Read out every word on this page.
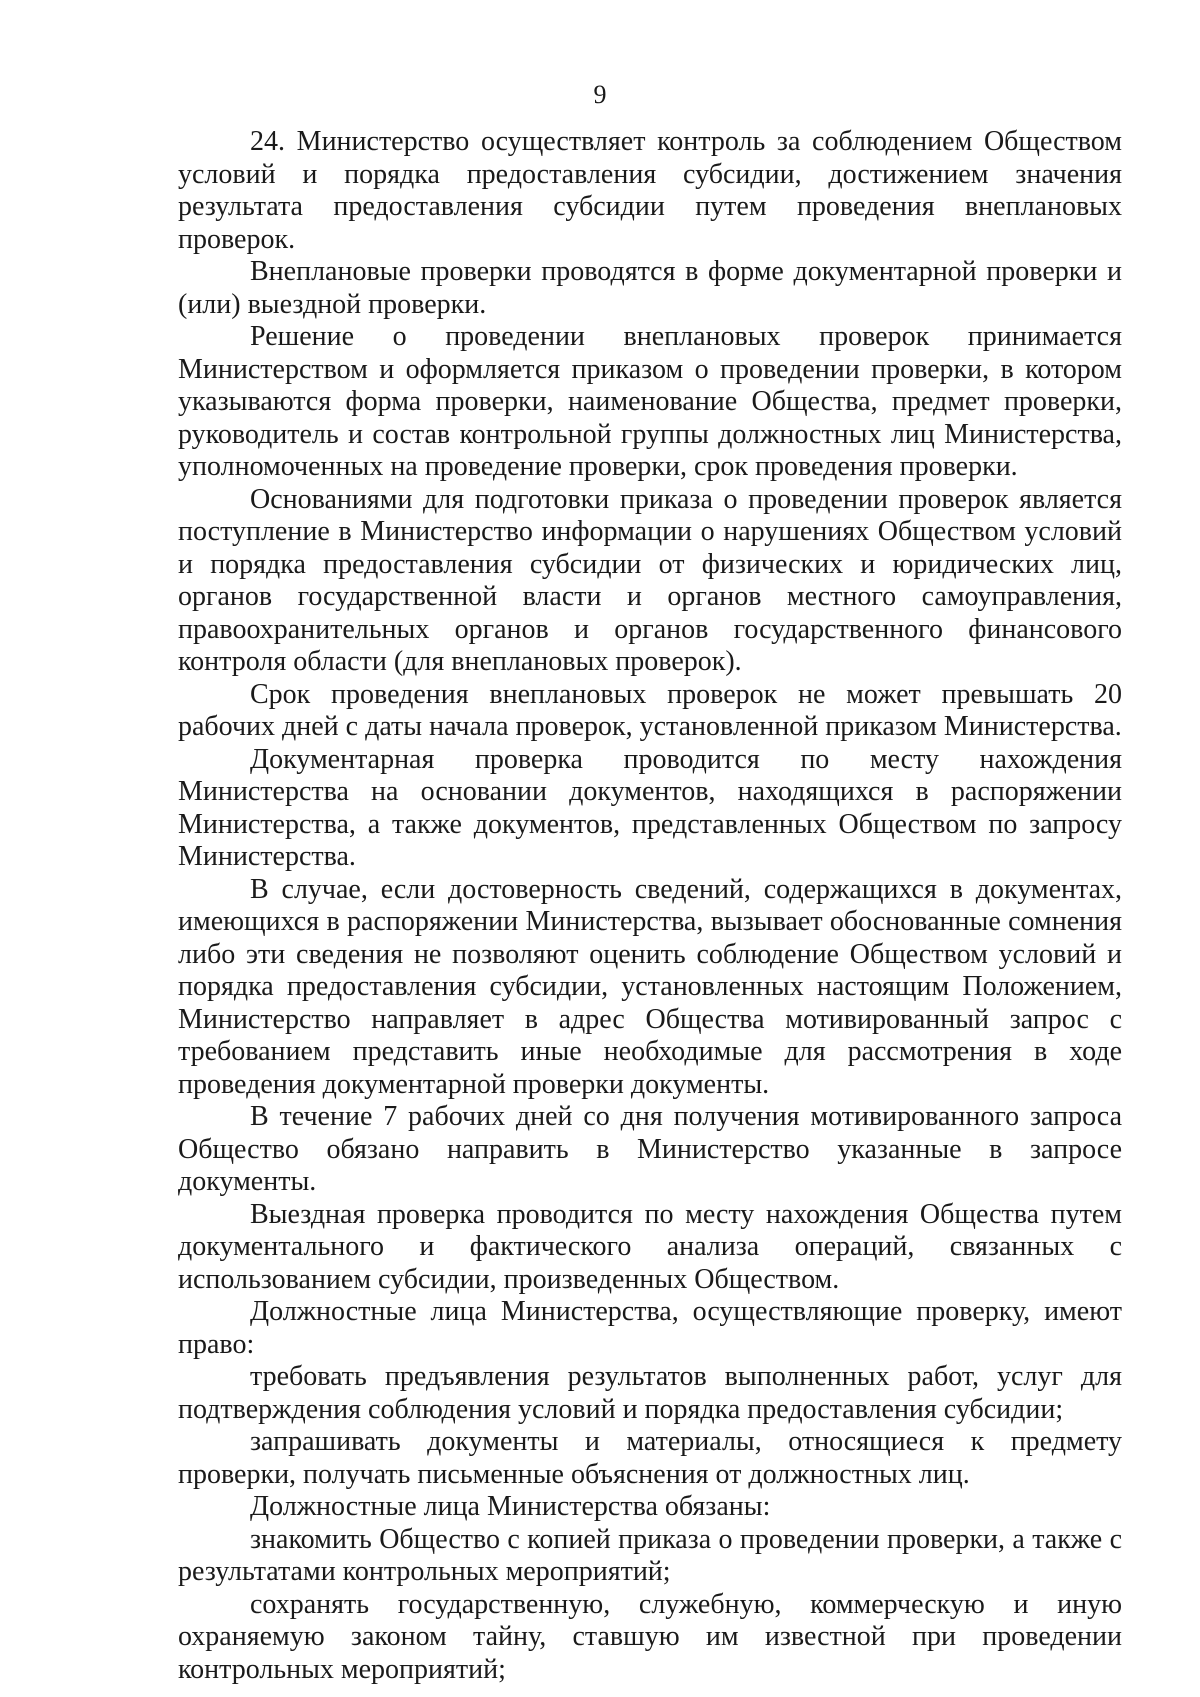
9

24. Министерство осуществляет контроль за соблюдением Обществом условий и порядка предоставления субсидии, достижением значения результата предоставления субсидии путем проведения внеплановых проверок.

Внеплановые проверки проводятся в форме документарной проверки и (или) выездной проверки.

Решение о проведении внеплановых проверок принимается Министерством и оформляется приказом о проведении проверки, в котором указываются форма проверки, наименование Общества, предмет проверки, руководитель и состав контрольной группы должностных лиц Министерства, уполномоченных на проведение проверки, срок проведения проверки.

Основаниями для подготовки приказа о проведении проверок является поступление в Министерство информации о нарушениях Обществом условий и порядка предоставления субсидии от физических и юридических лиц, органов государственной власти и органов местного самоуправления, правоохранительных органов и органов государственного финансового контроля области (для внеплановых проверок).

Срок проведения внеплановых проверок не может превышать 20 рабочих дней с даты начала проверок, установленной приказом Министерства.

Документарная проверка проводится по месту нахождения Министерства на основании документов, находящихся в распоряжении Министерства, а также документов, представленных Обществом по запросу Министерства.

В случае, если достоверность сведений, содержащихся в документах, имеющихся в распоряжении Министерства, вызывает обоснованные сомнения либо эти сведения не позволяют оценить соблюдение Обществом условий и порядка предоставления субсидии, установленных настоящим Положением, Министерство направляет в адрес Общества мотивированный запрос с требованием представить иные необходимые для рассмотрения в ходе проведения документарной проверки документы.

В течение 7 рабочих дней со дня получения мотивированного запроса Общество обязано направить в Министерство указанные в запросе документы.

Выездная проверка проводится по месту нахождения Общества путем документального и фактического анализа операций, связанных с использованием субсидии, произведенных Обществом.

Должностные лица Министерства, осуществляющие проверку, имеют право:

требовать предъявления результатов выполненных работ, услуг для подтверждения соблюдения условий и порядка предоставления субсидии;

запрашивать документы и материалы, относящиеся к предмету проверки, получать письменные объяснения от должностных лиц.

Должностные лица Министерства обязаны:

знакомить Общество с копией приказа о проведении проверки, а также с результатами контрольных мероприятий;

сохранять государственную, служебную, коммерческую и иную охраняемую законом тайну, ставшую им известной при проведении контрольных мероприятий;
